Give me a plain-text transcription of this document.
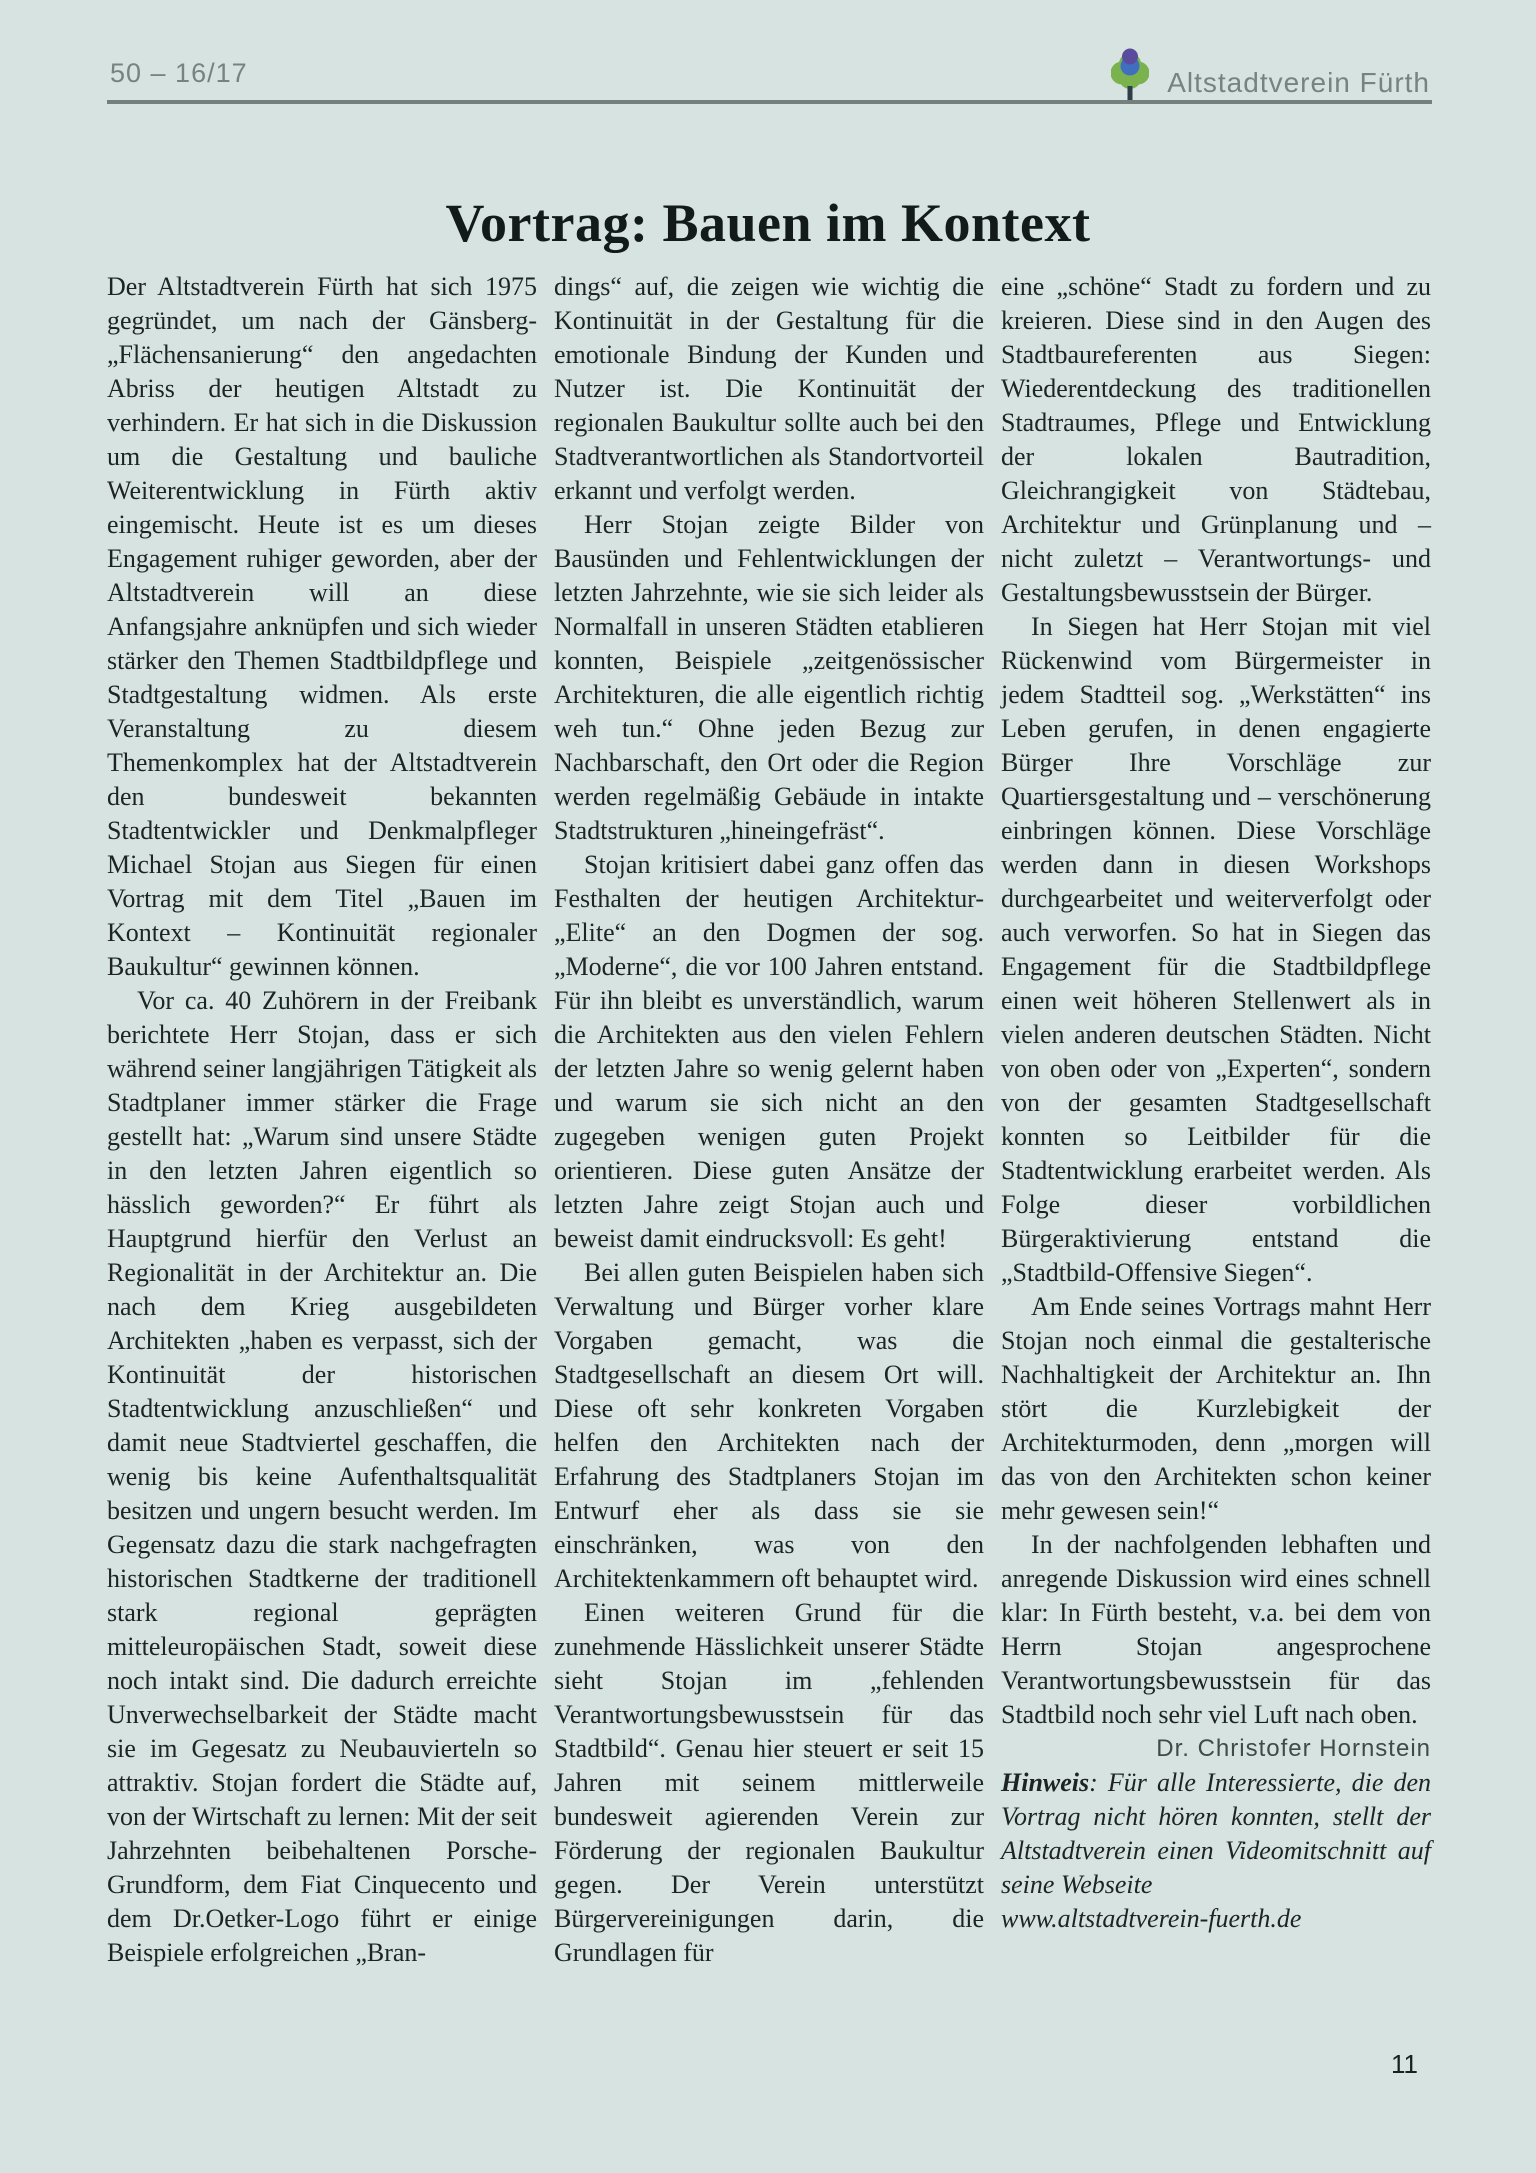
50 – 16/17	Altstadtverein Fürth
Vortrag: Bauen im Kontext

Der Altstadtverein Fürth hat sich 1975 gegründet, um nach der Gänsberg-„Flächensanierung“ den angedachten Abriss der heutigen Altstadt zu verhindern. Er hat sich in die Diskussion um die Gestaltung und bauliche Weiterentwicklung in Fürth aktiv eingemischt. Heute ist es um dieses Engagement ruhiger geworden, aber der Altstadtverein will an diese Anfangsjahre anknüpfen und sich wieder stärker den Themen Stadtbildpflege und Stadtgestaltung widmen. Als erste Veranstaltung zu diesem Themenkomplex hat der Altstadtverein den bundesweit bekannten Stadtentwickler und Denkmalpfleger Michael Stojan aus Siegen für einen Vortrag mit dem Titel „Bauen im Kontext – Kontinuität regionaler Baukultur“ gewinnen können.

Vor ca. 40 Zuhörern in der Freibank berichtete Herr Stojan, dass er sich während seiner langjährigen Tätigkeit als Stadtplaner immer stärker die Frage gestellt hat: „Warum sind unsere Städte in den letzten Jahren eigentlich so hässlich geworden?“ Er führt als Hauptgrund hierfür den Verlust an Regionalität in der Architektur an. Die nach dem Krieg ausgebildeten Architekten „haben es verpasst, sich der Kontinuität der historischen Stadtentwicklung anzuschließen“ und damit neue Stadtviertel geschaffen, die wenig bis keine Aufenthaltsqualität besitzen und ungern besucht werden. Im Gegensatz dazu die stark nachgefragten historischen Stadtkerne der traditionell stark regional geprägten mitteleuropäischen Stadt, soweit diese noch intakt sind. Die dadurch erreichte Unverwechselbarkeit der Städte macht sie im Gegesatz zu Neubauvierteln so attraktiv. Stojan fordert die Städte auf, von der Wirtschaft zu lernen: Mit der seit Jahrzehnten beibehaltenen Porsche-Grundform, dem Fiat Cinquecento und dem Dr.Oetker-Logo führt er einige Beispiele erfolgreichen „Bran-

dings“ auf, die zeigen wie wichtig die Kontinuität in der Gestaltung für die emotionale Bindung der Kunden und Nutzer ist. Die Kontinuität der regionalen Baukultur sollte auch bei den Stadtverantwortlichen als Standortvorteil erkannt und verfolgt werden.

Herr Stojan zeigte Bilder von Bausünden und Fehlentwicklungen der letzten Jahrzehnte, wie sie sich leider als Normalfall in unseren Städten etablieren konnten, Beispiele „zeitgenössischer Architekturen, die alle eigentlich richtig weh tun.“ Ohne jeden Bezug zur Nachbarschaft, den Ort oder die Region werden regelmäßig Gebäude in intakte Stadtstrukturen „hineingefräst“.

Stojan kritisiert dabei ganz offen das Festhalten der heutigen Architektur-„Elite“ an den Dogmen der sog. „Moderne“, die vor 100 Jahren entstand. Für ihn bleibt es unverständlich, warum die Architekten aus den vielen Fehlern der letzten Jahre so wenig gelernt haben und warum sie sich nicht an den zugegeben wenigen guten Projekt orientieren. Diese guten Ansätze der letzten Jahre zeigt Stojan auch und beweist damit eindrucksvoll: Es geht!

Bei allen guten Beispielen haben sich Verwaltung und Bürger vorher klare Vorgaben gemacht, was die Stadtgesellschaft an diesem Ort will. Diese oft sehr konkreten Vorgaben helfen den Architekten nach der Erfahrung des Stadtplaners Stojan im Entwurf eher als dass sie sie einschränken, was von den Architektenkammern oft behauptet wird.

Einen weiteren Grund für die zunehmende Hässlichkeit unserer Städte sieht Stojan im „fehlenden Verantwortungsbewusstsein für das Stadtbild“. Genau hier steuert er seit 15 Jahren mit seinem mittlerweile bundesweit agierenden Verein zur Förderung der regionalen Baukultur gegen. Der Verein unterstützt Bürgervereinigungen darin, die Grundlagen für

eine „schöne“ Stadt zu fordern und zu kreieren. Diese sind in den Augen des Stadtbaureferenten aus Siegen: Wiederentdeckung des traditionellen Stadtraumes, Pflege und Entwicklung der lokalen Bautradition, Gleichrangigkeit von Städtebau, Architektur und Grünplanung und – nicht zuletzt – Verantwortungs- und Gestaltungsbewusstsein der Bürger.

In Siegen hat Herr Stojan mit viel Rückenwind vom Bürgermeister in jedem Stadtteil sog. „Werkstätten“ ins Leben gerufen, in denen engagierte Bürger Ihre Vorschläge zur Quartiersgestaltung und – verschönerung einbringen können. Diese Vorschläge werden dann in diesen Workshops durchgearbeitet und weiterverfolgt oder auch verworfen. So hat in Siegen das Engagement für die Stadtbildpflege einen weit höheren Stellenwert als in vielen anderen deutschen Städten. Nicht von oben oder von „Experten“, sondern von der gesamten Stadtgesellschaft konnten so Leitbilder für die Stadtentwicklung erarbeitet werden. Als Folge dieser vorbildlichen Bürgeraktivierung entstand die „Stadtbild-Offensive Siegen“.

Am Ende seines Vortrags mahnt Herr Stojan noch einmal die gestalterische Nachhaltigkeit der Architektur an. Ihn stört die Kurzlebigkeit der Architekturmoden, denn „morgen will das von den Architekten schon keiner mehr gewesen sein!“

In der nachfolgenden lebhaften und anregende Diskussion wird eines schnell klar: In Fürth besteht, v.a. bei dem von Herrn Stojan angesprochene Verantwortungsbewusstsein für das Stadtbild noch sehr viel Luft nach oben.

Dr. Christofer Hornstein

Hinweis: Für alle Interessierte, die den Vortrag nicht hören konnten, stellt der Altstadtverein einen Videomitschnitt auf seine Webseite
www.altstadtverein-fuerth.de

11
